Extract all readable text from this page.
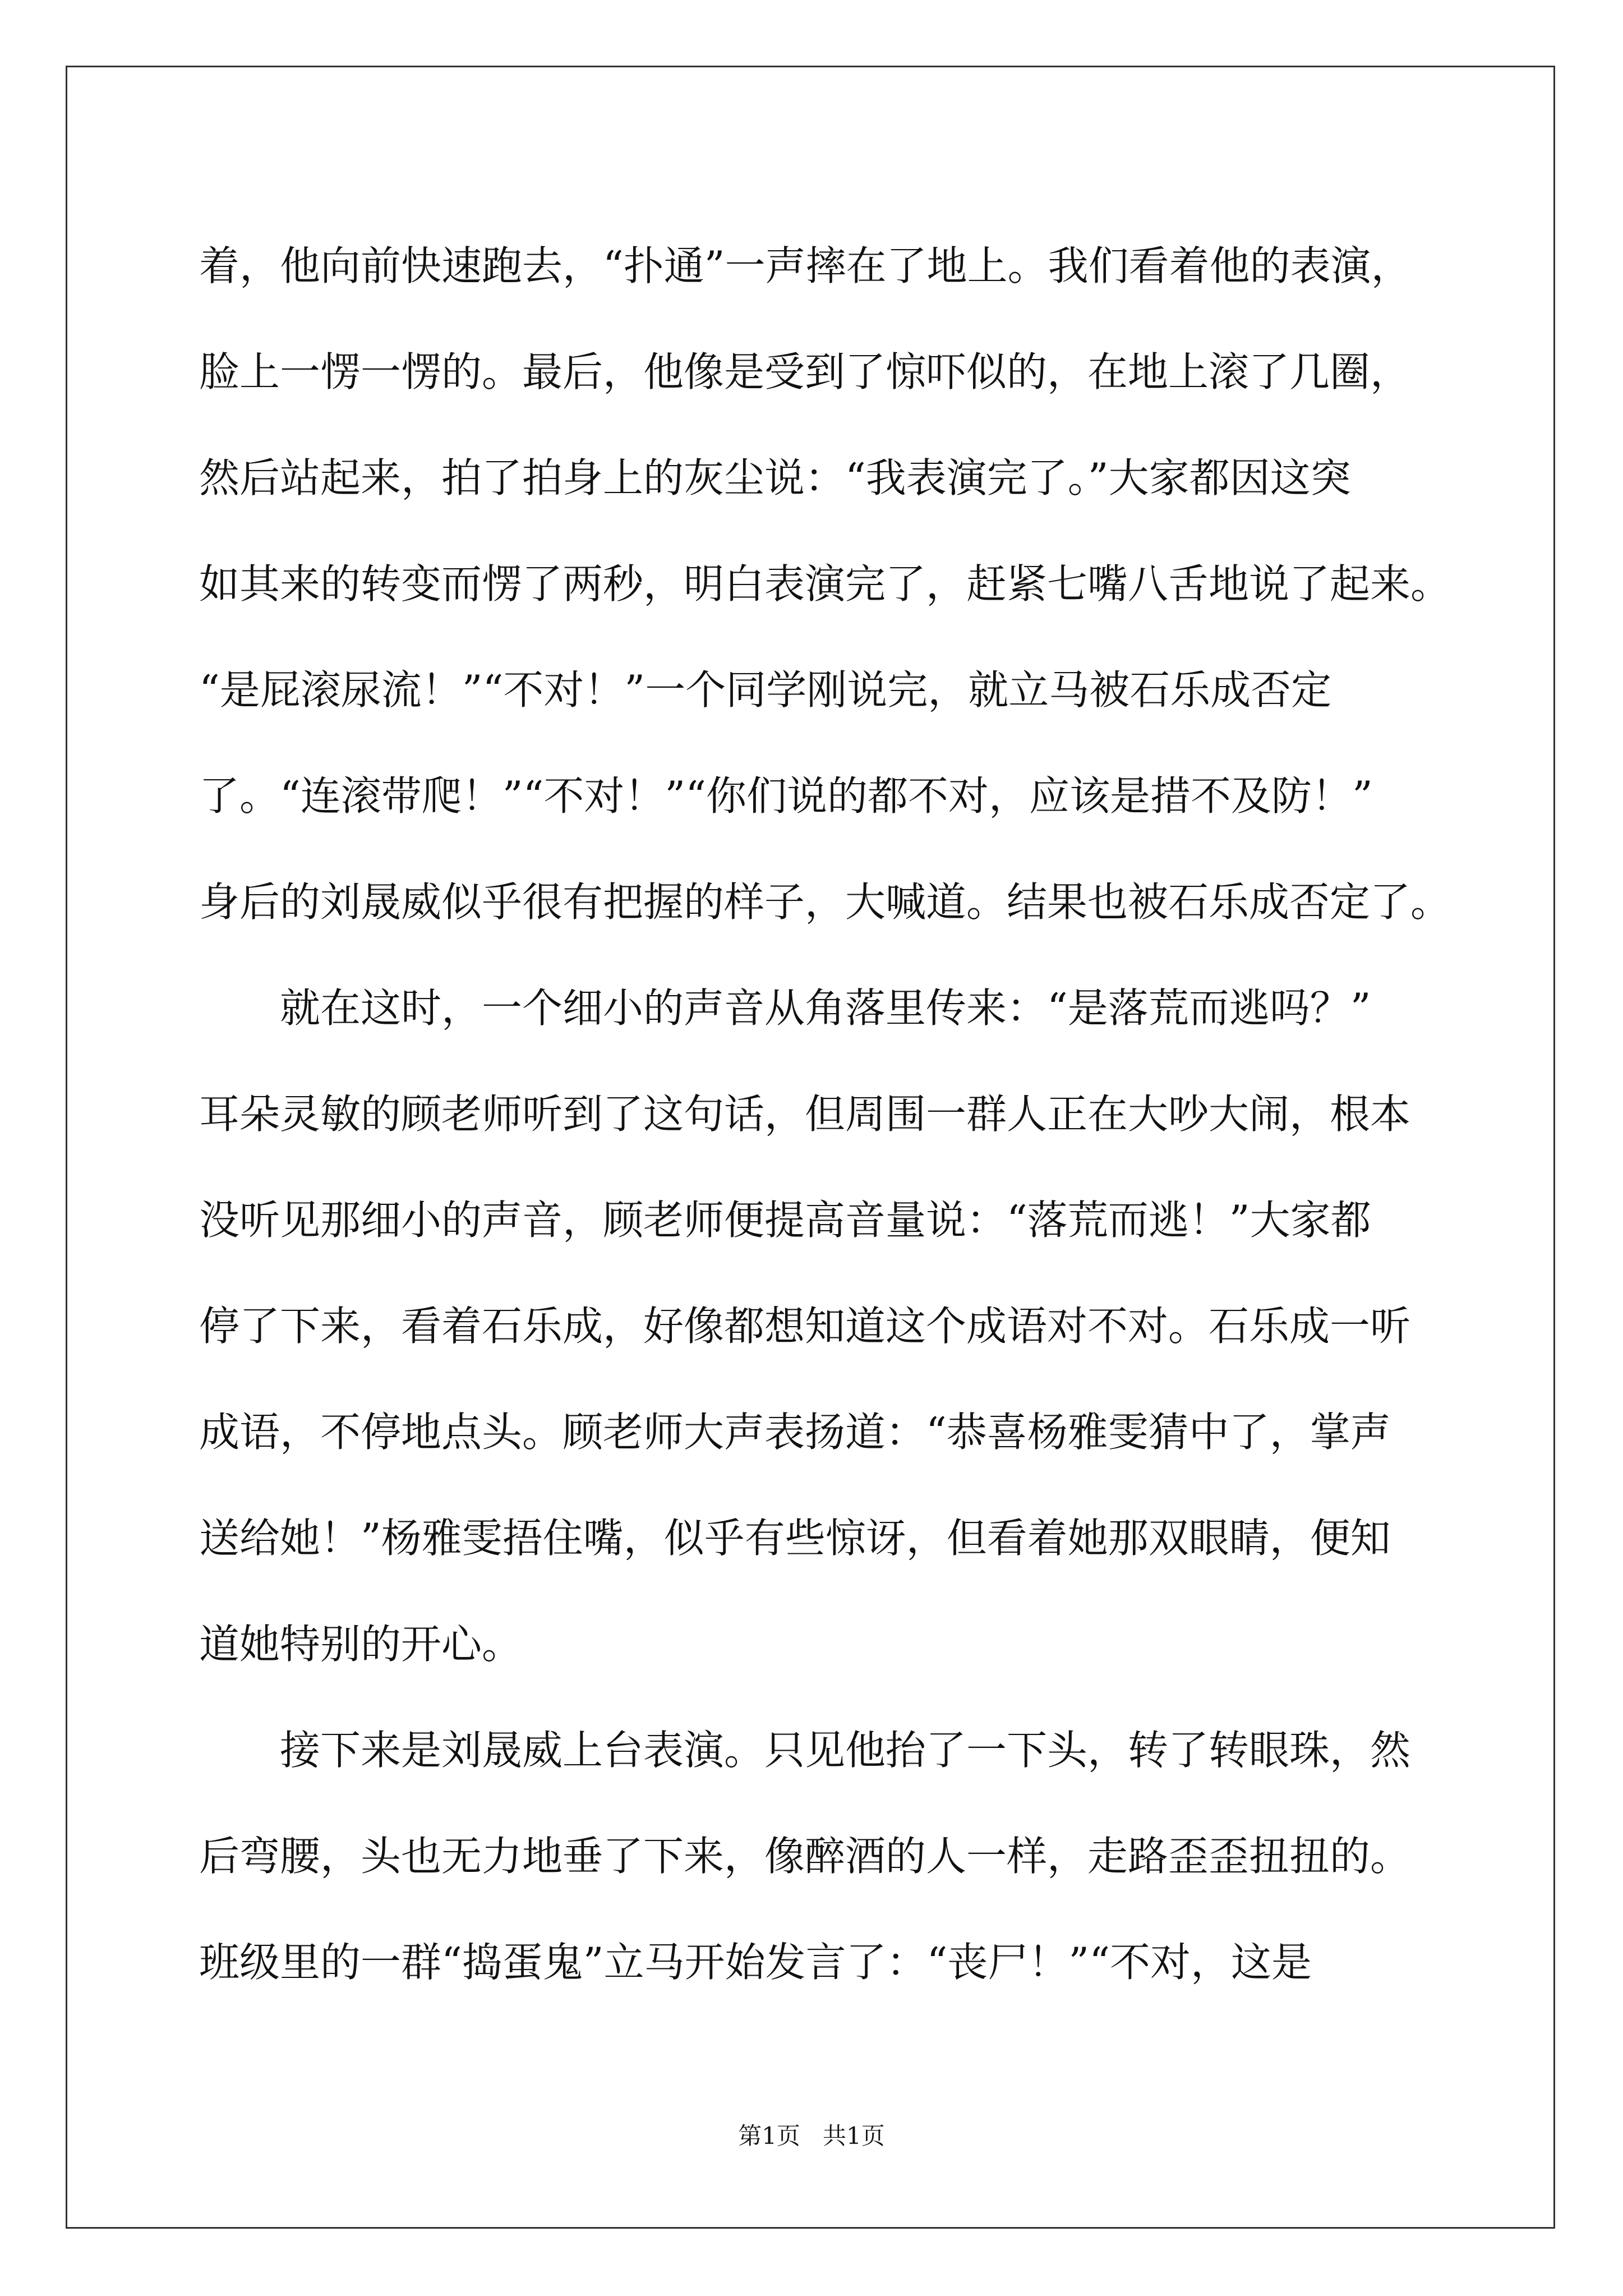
着，他向前快速跑去，“扑通”一声摔在了地上。我们看着他的表演，
脸上一愣一愣的。最后，他像是受到了惊吓似的，在地上滚了几圈，
然后站起来，拍了拍身上的灰尘说：“我表演完了。”大家都因这突
如其来的转变而愣了两秒，明白表演完了，赶紧七嘴八舌地说了起来。
“是屁滚尿流！”“不对！”一个同学刚说完，就立马被石乐成否定
了。“连滚带爬！”“不对！”“你们说的都不对，应该是措不及防！”
身后的刘晟威似乎很有把握的样子，大喊道。结果也被石乐成否定了。
就在这时，一个细小的声音从角落里传来：“是落荒而逃吗？”
耳朵灵敏的顾老师听到了这句话，但周围一群人正在大吵大闹，根本
没听见那细小的声音，顾老师便提高音量说：“落荒而逃！”大家都
停了下来，看着石乐成，好像都想知道这个成语对不对。石乐成一听
成语，不停地点头。顾老师大声表扬道：“恭喜杨雅雯猜中了，掌声
送给她！”杨雅雯捂住嘴，似乎有些惊讶，但看着她那双眼睛，便知
道她特别的开心。
接下来是刘晟威上台表演。只见他抬了一下头，转了转眼珠，然
后弯腰，头也无力地垂了下来，像醉酒的人一样，走路歪歪扭扭的。
班级里的一群“捣蛋鬼”立马开始发言了：“丧尸！”“不对，这是
第1页 共1页
